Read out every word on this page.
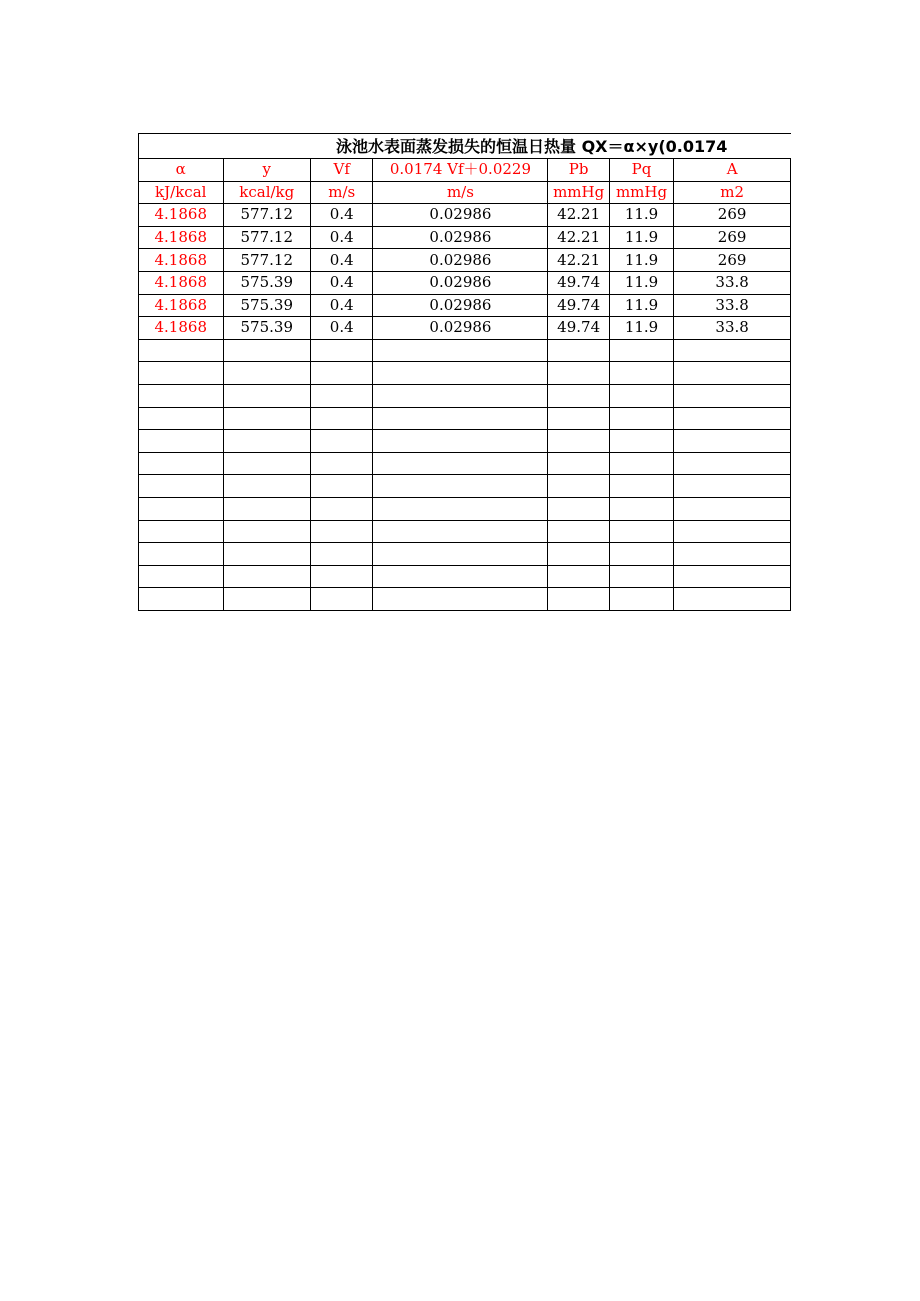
泳池水表面蒸发损失的恒温日热量 QX＝α×y(0.0174						
α	y	Vf	0.0174 Vf＋0.0229	Pb	Pq	A
kJ/kcal	kcal/kg	m/s	m/s	mmHg	mmHg	m2
4.1868	577.12	0.4	0.02986	42.21	11.9	269
4.1868	577.12	0.4	0.02986	42.21	11.9	269
4.1868	577.12	0.4	0.02986	42.21	11.9	269
4.1868	575.39	0.4	0.02986	49.74	11.9	33.8
4.1868	575.39	0.4	0.02986	49.74	11.9	33.8
4.1868	575.39	0.4	0.02986	49.74	11.9	33.8
